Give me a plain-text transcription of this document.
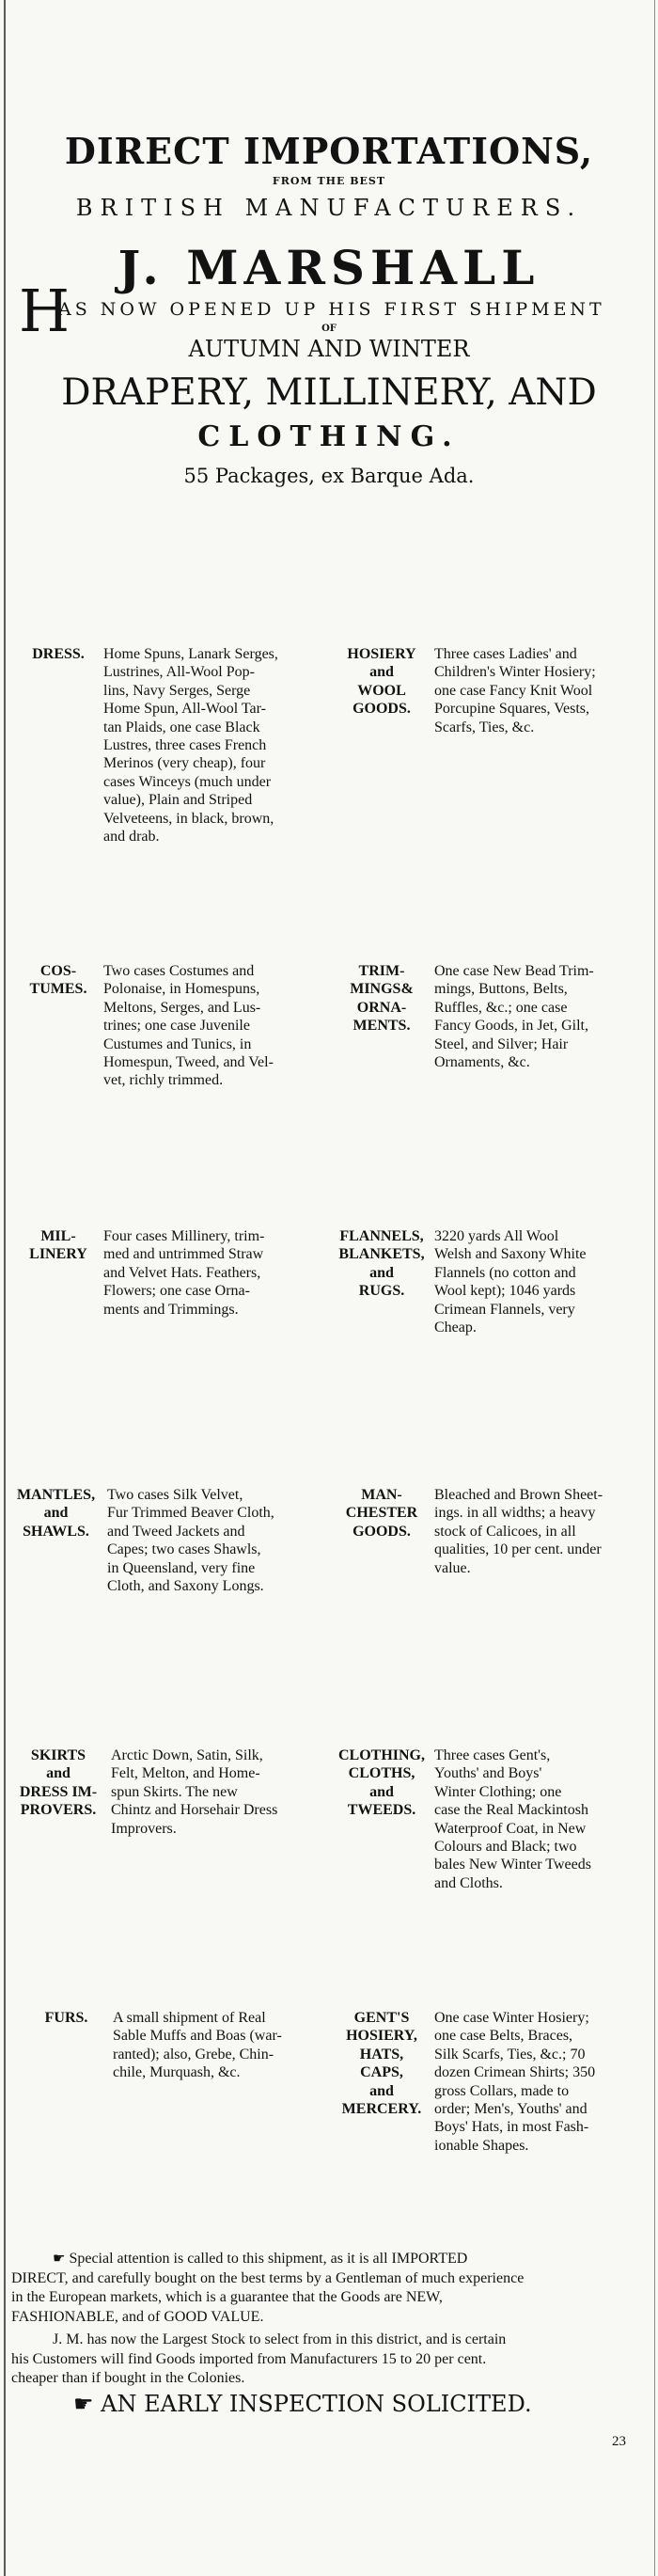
DIRECT IMPORTATIONS,
FROM THE BEST
BRITISH MANUFACTURERS.
J. MARSHALL
H
AS NOW OPENED UP HIS FIRST SHIPMENT
OF
AUTUMN AND WINTER
DRAPERY, MILLINERY, AND
CLOTHING.
55 Packages, ex Barque Ada.
DRESS.	Home Spuns, Lanark Serges,
Lustrines, All-Wool Pop-
lins, Navy Serges, Serge
Home Spun, All-Wool Tar-
tan Plaids, one case Black
Lustres, three cases French
Merinos (very cheap), four
cases Winceys (much under
value), Plain and Striped
Velveteens, in black, brown,
and drab.
HOSIERY
and
WOOL
GOODS.
Three cases Ladies' and
Children's Winter Hosiery;
one case Fancy Knit Wool
Porcupine Squares, Vests,
Scarfs, Ties, &c.
COS-
TUMES.
Two cases Costumes and
Polonaise, in Homespuns,
Meltons, Serges, and Lus-
trines; one case Juvenile
Custumes and Tunics, in
Homespun, Tweed, and Vel-
vet, richly trimmed.
TRIM-
MINGS&
ORNA-
MENTS.
One case New Bead Trim-
mings, Buttons, Belts,
Ruffles, &c.; one case
Fancy Goods, in Jet, Gilt,
Steel, and Silver; Hair
Ornaments, &c.
MIL-
LINERY
Four cases Millinery, trim-
med and untrimmed Straw
and Velvet Hats. Feathers,
Flowers; one case Orna-
ments and Trimmings.
FLANNELS,
BLANKETS,
and
RUGS.
3220 yards All Wool
Welsh and Saxony White
Flannels (no cotton and
Wool kept); 1046 yards
Crimean Flannels, very
Cheap.
MANTLES,
and
SHAWLS.
Two cases Silk Velvet,
Fur Trimmed Beaver Cloth,
and Tweed Jackets and
Capes; two cases Shawls,
in Queensland, very fine
Cloth, and Saxony Longs.
MAN-
CHESTER
GOODS.
Bleached and Brown Sheet-
ings. in all widths; a heavy
stock of Calicoes, in all
qualities, 10 per cent. under
value.
SKIRTS
and
DRESS IM-
PROVERS.
Arctic Down, Satin, Silk,
Felt, Melton, and Home-
spun Skirts. The new
Chintz and Horsehair Dress
Improvers.
CLOTHING,
CLOTHS,
and
TWEEDS.
Three cases Gent's,
Youths' and Boys'
Winter Clothing; one
case the Real Mackintosh
Waterproof Coat, in New
Colours and Black; two
bales New Winter Tweeds
and Cloths.
FURS.	A small shipment of Real
Sable Muffs and Boas (war-
ranted); also, Grebe, Chin-
chile, Murquash, &c.
GENT'S
HOSIERY,
HATS,
CAPS,
and
MERCERY.
One case Winter Hosiery;
one case Belts, Braces,
Silk Scarfs, Ties, &c.; 70
dozen Crimean Shirts; 350
gross Collars, made to
order; Men's, Youths' and
Boys' Hats, in most Fash-
ionable Shapes.
☛ Special attention is called to this shipment, as it is all IMPORTED
DIRECT, and carefully bought on the best terms by a Gentleman of much experience
in the European markets, which is a guarantee that the Goods are NEW,
FASHIONABLE, and of GOOD VALUE.
J. M. has now the Largest Stock to select from in this district, and is certain
his Customers will find Goods imported from Manufacturers 15 to 20 per cent.
cheaper than if bought in the Colonies.
☛ AN EARLY INSPECTION SOLICITED.
23
